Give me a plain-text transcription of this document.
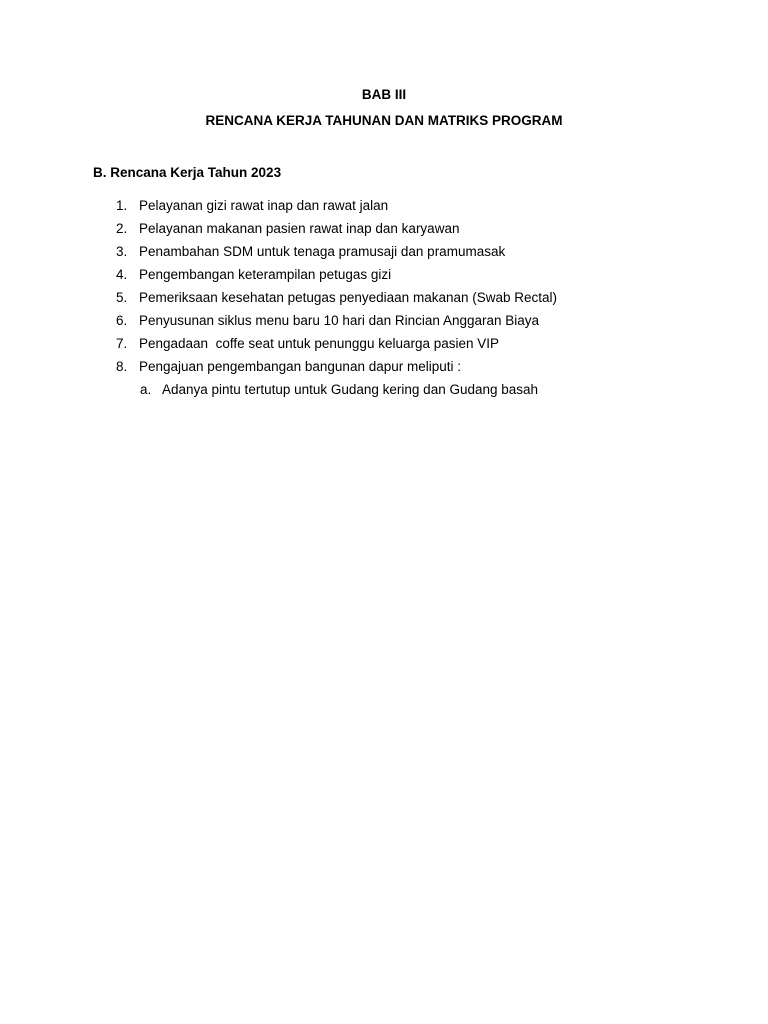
BAB III
RENCANA KERJA TAHUNAN DAN MATRIKS PROGRAM
B. Rencana Kerja Tahun 2023
1. Pelayanan gizi rawat inap dan rawat jalan
2. Pelayanan makanan pasien rawat inap dan karyawan
3. Penambahan SDM untuk tenaga pramusaji dan pramumasak
4. Pengembangan keterampilan petugas gizi
5. Pemeriksaan kesehatan petugas penyediaan makanan (Swab Rectal)
6. Penyusunan siklus menu baru 10 hari dan Rincian Anggaran Biaya
7. Pengadaan  coffe seat untuk penunggu keluarga pasien VIP
8. Pengajuan pengembangan bangunan dapur meliputi :
a. Adanya pintu tertutup untuk Gudang kering dan Gudang basah
